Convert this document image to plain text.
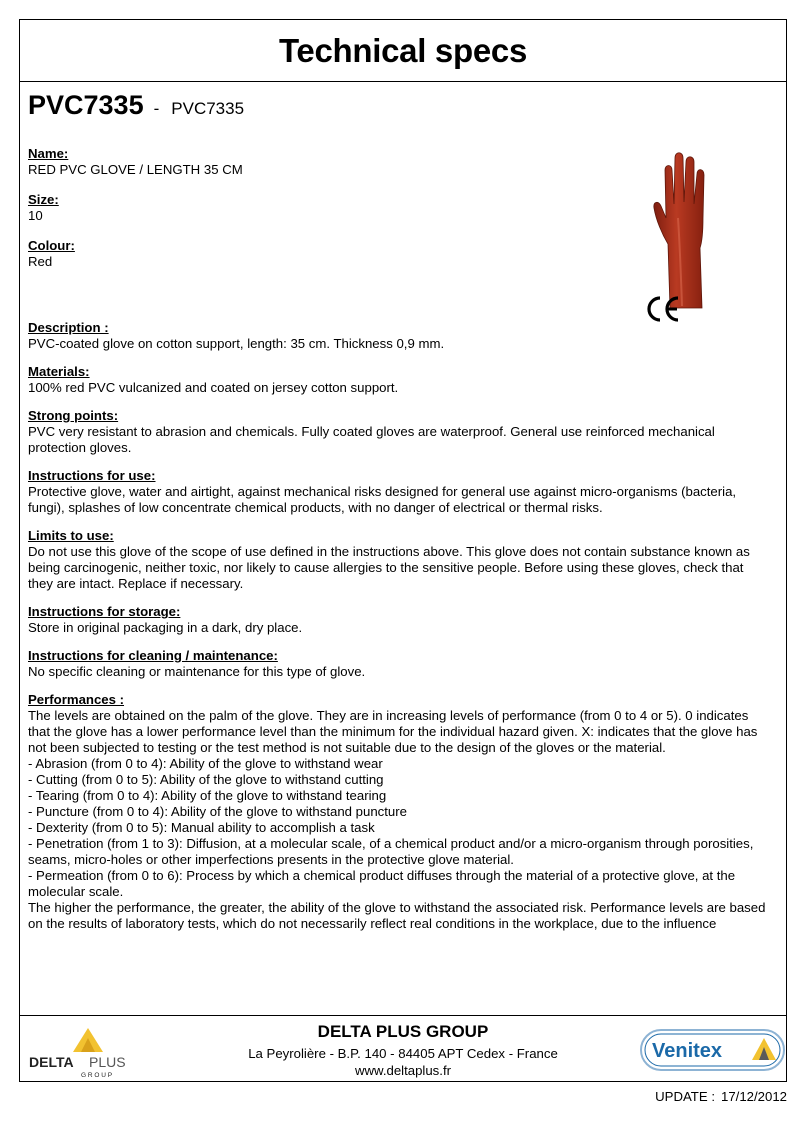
Technical specs
PVC7335 - PVC7335
Name:
RED PVC GLOVE / LENGTH 35 CM
Size:
10
Colour:
Red
Description :
PVC-coated glove on cotton support, length: 35 cm. Thickness 0,9 mm.
Materials:
100% red PVC vulcanized and coated on jersey cotton support.
Strong points:
PVC very resistant to abrasion and chemicals. Fully coated gloves are waterproof. General use reinforced mechanical protection gloves.
Instructions for use:
Protective glove, water and airtight, against mechanical risks designed for general use against micro-organisms (bacteria, fungi), splashes of low concentrate chemical products, with no danger of electrical or thermal risks.
Limits to use:
Do not use this glove of the scope of use defined in the instructions above. This glove does not contain substance known as being carcinogenic, neither toxic, nor likely to cause allergies to the sensitive people. Before using these gloves, check that they are intact. Replace if necessary.
Instructions for storage:
Store in original packaging in a dark, dry place.
Instructions for cleaning / maintenance:
No specific cleaning or maintenance for this type of glove.
Performances :
The levels are obtained on the palm of the glove. They are in increasing levels of performance (from 0 to 4 or 5). 0 indicates that the glove has a lower performance level than the minimum for the individual hazard given. X: indicates that the glove has not been subjected to testing or the test method is not suitable due to the design of the gloves or the material.
- Abrasion (from 0 to 4): Ability of the glove to withstand wear
- Cutting (from 0 to 5): Ability of the glove to withstand cutting
- Tearing (from 0 to 4): Ability of the glove to withstand tearing
- Puncture (from 0 to 4): Ability of the glove to withstand puncture
- Dexterity (from 0 to 5): Manual ability to accomplish a task
- Penetration (from 1 to 3): Diffusion, at a molecular scale, of a chemical product and/or a micro-organism through porosities, seams, micro-holes or other imperfections presents in the protective glove material.
- Permeation (from 0 to 6): Process by which a chemical product diffuses through the material of a protective glove, at the molecular scale.
The higher the performance, the greater, the ability of the glove to withstand the associated risk. Performance levels are based on the results of laboratory tests, which do not necessarily reflect real conditions in the workplace, due to the influence
DELTA PLUS
G R O U P
DELTA PLUS GROUP
La Peyrolière - B.P. 140 - 84405 APT Cedex - France
www.deltaplus.fr
Venitex
UPDATE : 17/12/2012
